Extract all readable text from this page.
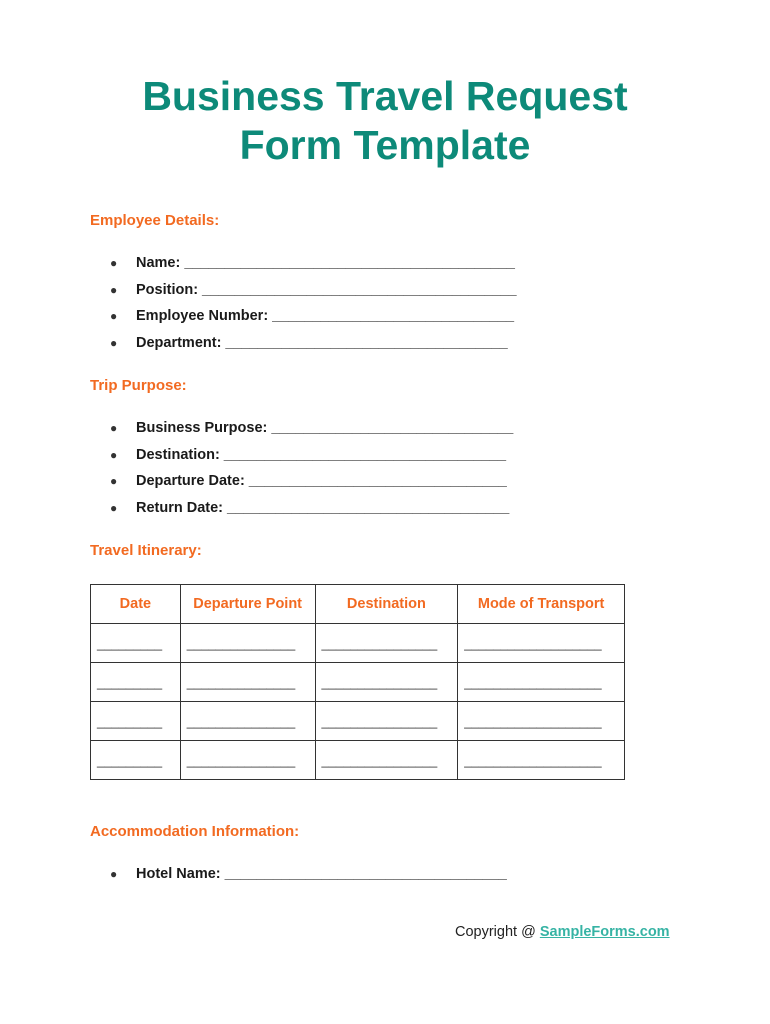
Business Travel Request
Form Template
Employee Details:
● Name: _________________________________________
● Position: _______________________________________
● Employee Number: ______________________________
● Department: ___________________________________
Trip Purpose:
● Business Purpose: ______________________________
● Destination: ___________________________________
● Departure Date: ________________________________
● Return Date: ___________________________________
Travel Itinerary:
Date	Departure Point	Destination	Mode of Transport
_________	_______________	________________	___________________
_________	_______________	________________	___________________
_________	_______________	________________	___________________
_________	_______________	________________	___________________
Accommodation Information:
● Hotel Name: ___________________________________
Copyright @ SampleForms.com
